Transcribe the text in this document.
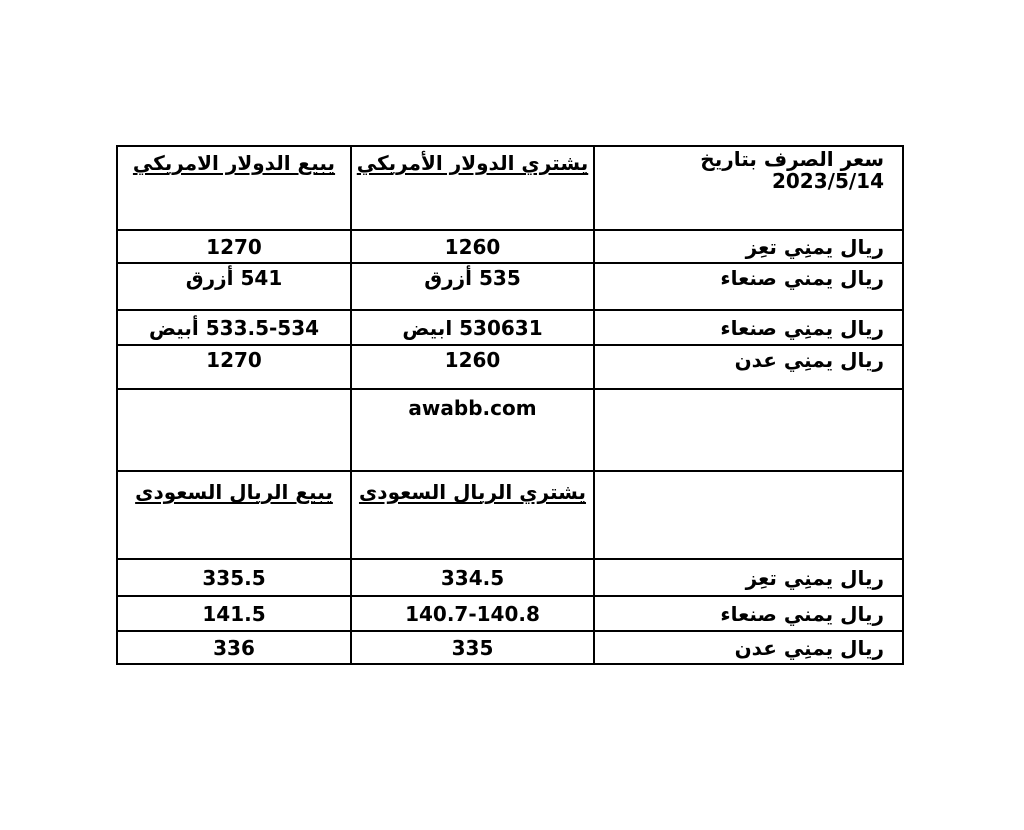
سعر الصرف بتاريخ
2023/5/14	يشتري الدولار الأمريكي	يبيع الدولار الامريكي

ريال يمنِي تعِز	1260	1270

ريال يمني صنعاء	535 أزرق	541 أزرق

ريال يمنِي صنعاء	530631 ابيض	533.5-534 أبيض

ريال يمنِي عدن	1260	1270

	awabb.com	

	يشتري الريال السعودى	يبيع الريال السعودى

ريال يمنِي تعِز	334.5	335.5
ريال يمني صنعاء	140.7-140.8	141.5
ريال يمنِي عدن	335	336
